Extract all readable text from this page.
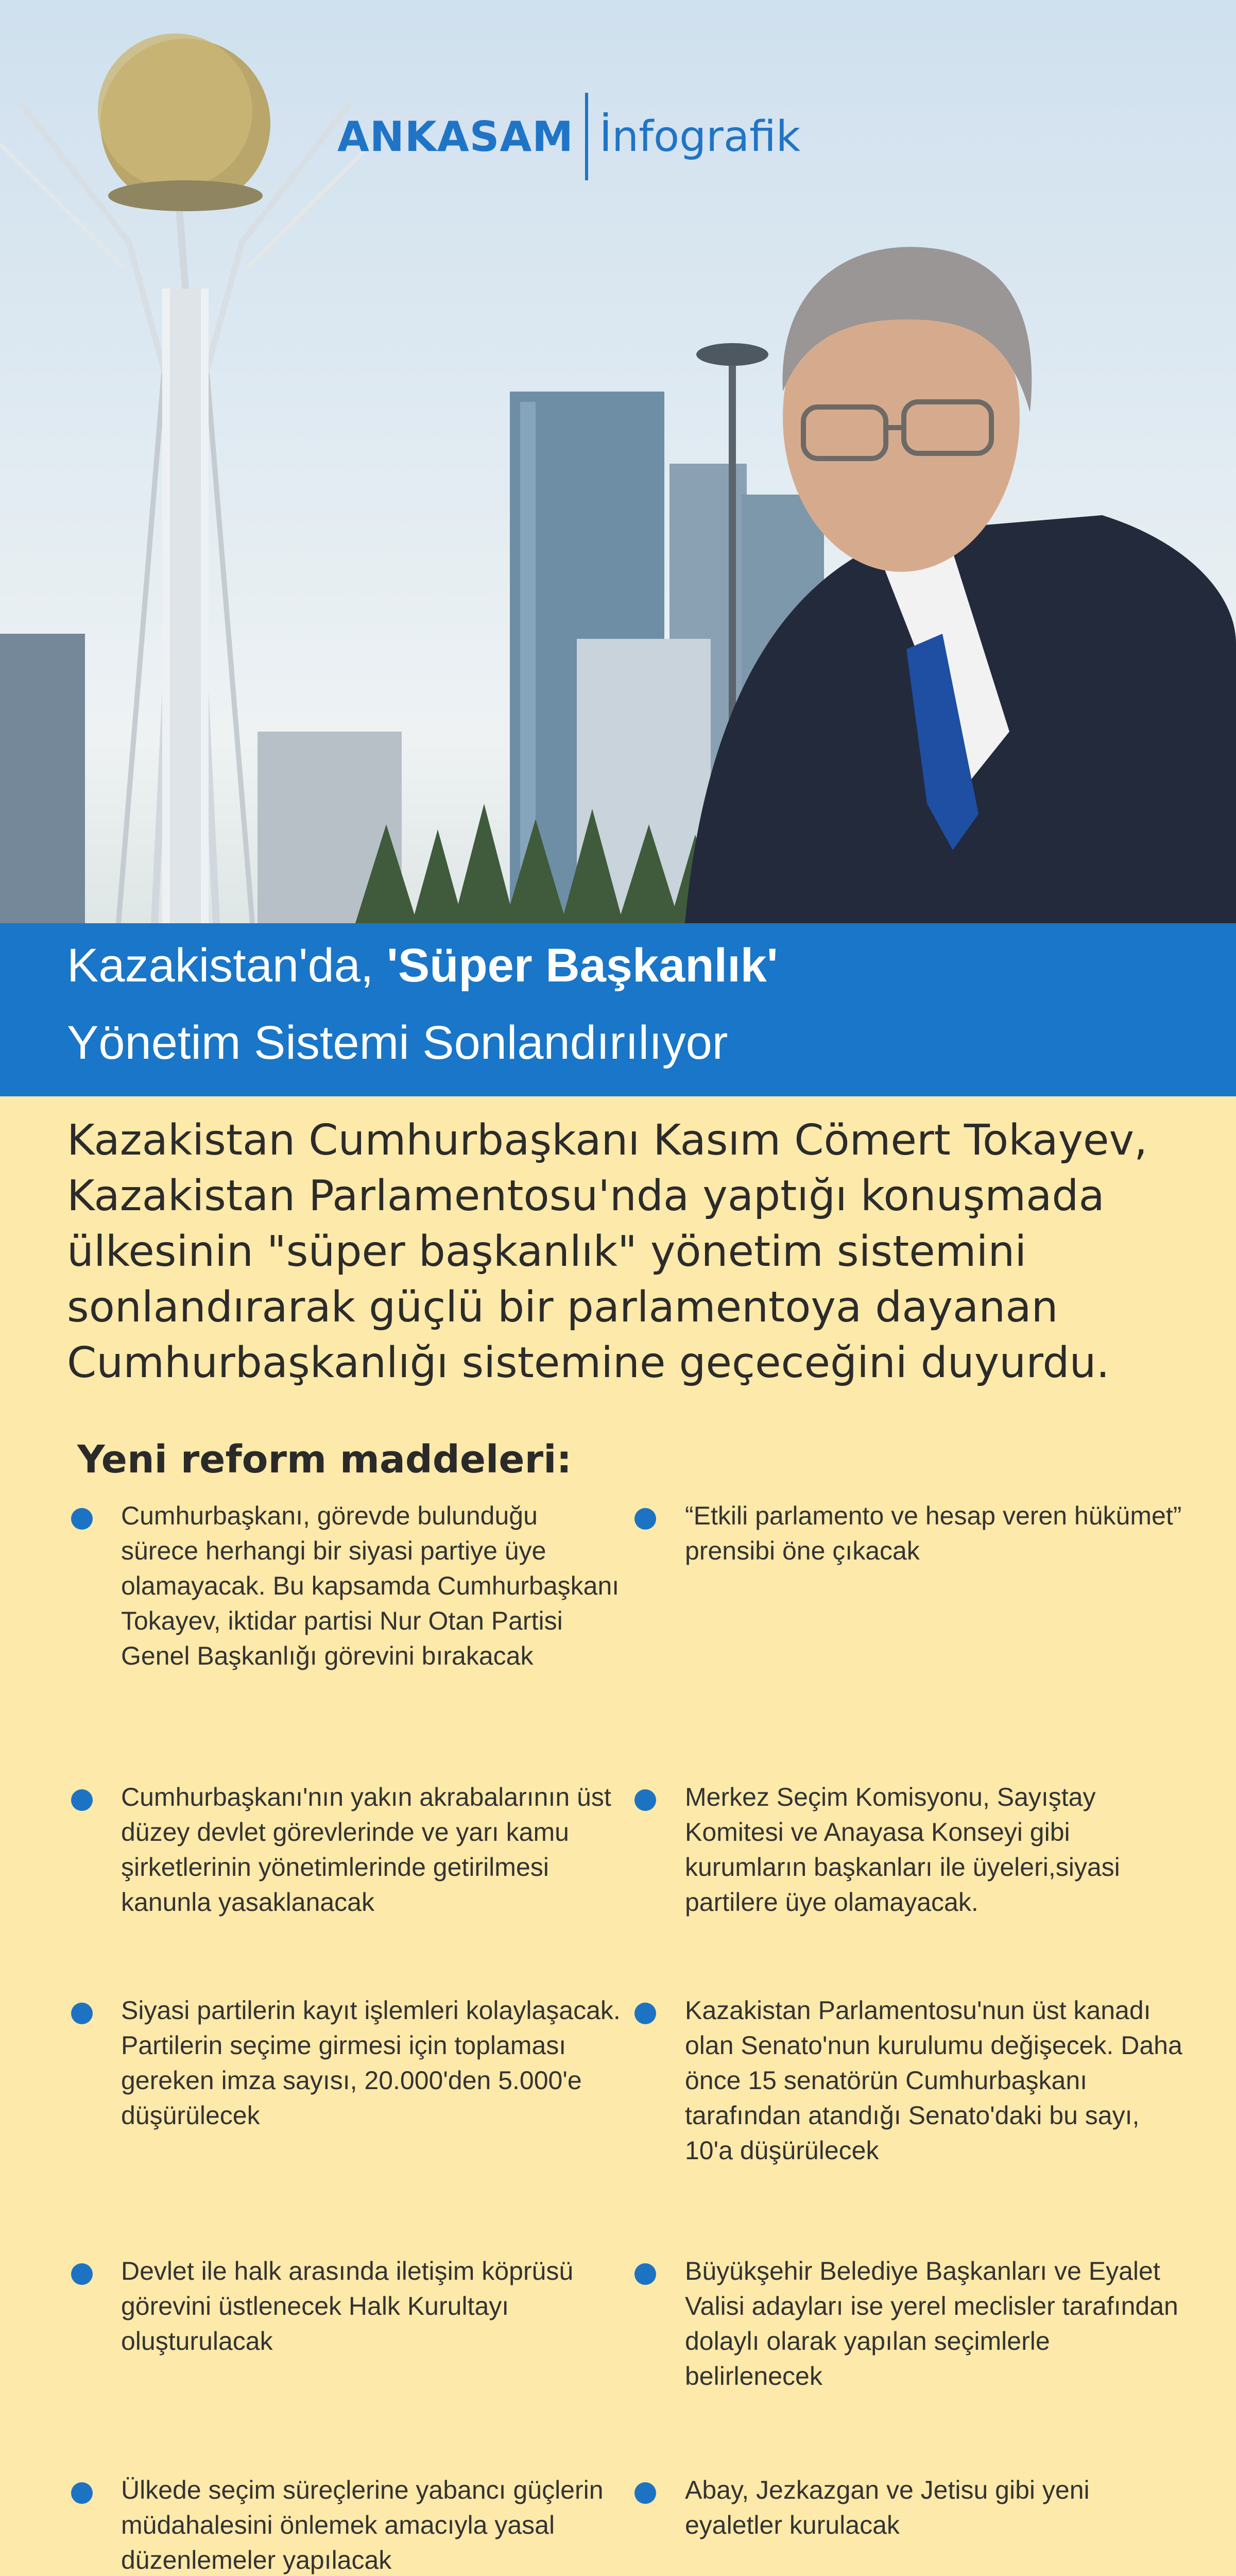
ANKASAM İnfografik
Kazakistan'da, 'Süper Başkanlık'
Yönetim Sistemi Sonlandırılıyor
Kazakistan Cumhurbaşkanı Kasım Cömert Tokayev, Kazakistan Parlamentosu'nda yaptığı konuşmada ülkesinin "süper başkanlık" yönetim sistemini sonlandırarak güçlü bir parlamentoya dayanan Cumhurbaşkanlığı sistemine geçeceğini duyurdu.
Yeni reform maddeleri:
Cumhurbaşkanı, görevde bulunduğu sürece herhangi bir siyasi partiye üye olamayacak. Bu kapsamda Cumhurbaşkanı Tokayev, iktidar partisi Nur Otan Partisi Genel Başkanlığı görevini bırakacak
“Etkili parlamento ve hesap veren hükümet” prensibi öne çıkacak
Cumhurbaşkanı'nın yakın akrabalarının üst düzey devlet görevlerinde ve yarı kamu şirketlerinin yönetimlerinde getirilmesi kanunla yasaklanacak
Merkez Seçim Komisyonu, Sayıştay Komitesi ve Anayasa Konseyi gibi kurumların başkanları ile üyeleri,siyasi partilere üye olamayacak.
Siyasi partilerin kayıt işlemleri kolaylaşacak. Partilerin seçime girmesi için toplaması gereken imza sayısı, 20.000'den 5.000'e düşürülecek
Kazakistan Parlamentosu'nun üst kanadı olan Senato'nun kurulumu değişecek. Daha önce 15 senatörün Cumhurbaşkanı tarafından atandığı Senato'daki bu sayı, 10'a düşürülecek
Devlet ile halk arasında iletişim köprüsü görevini üstlenecek Halk Kurultayı oluşturulacak
Büyükşehir Belediye Başkanları ve Eyalet Valisi adayları ise yerel meclisler tarafından dolaylı olarak yapılan seçimlerle belirlenecek
Ülkede seçim süreçlerine yabancı güçlerin müdahalesini önlemek amacıyla yasal düzenlemeler yapılacak
Abay, Jezkazgan ve Jetisu gibi yeni eyaletler kurulacak
